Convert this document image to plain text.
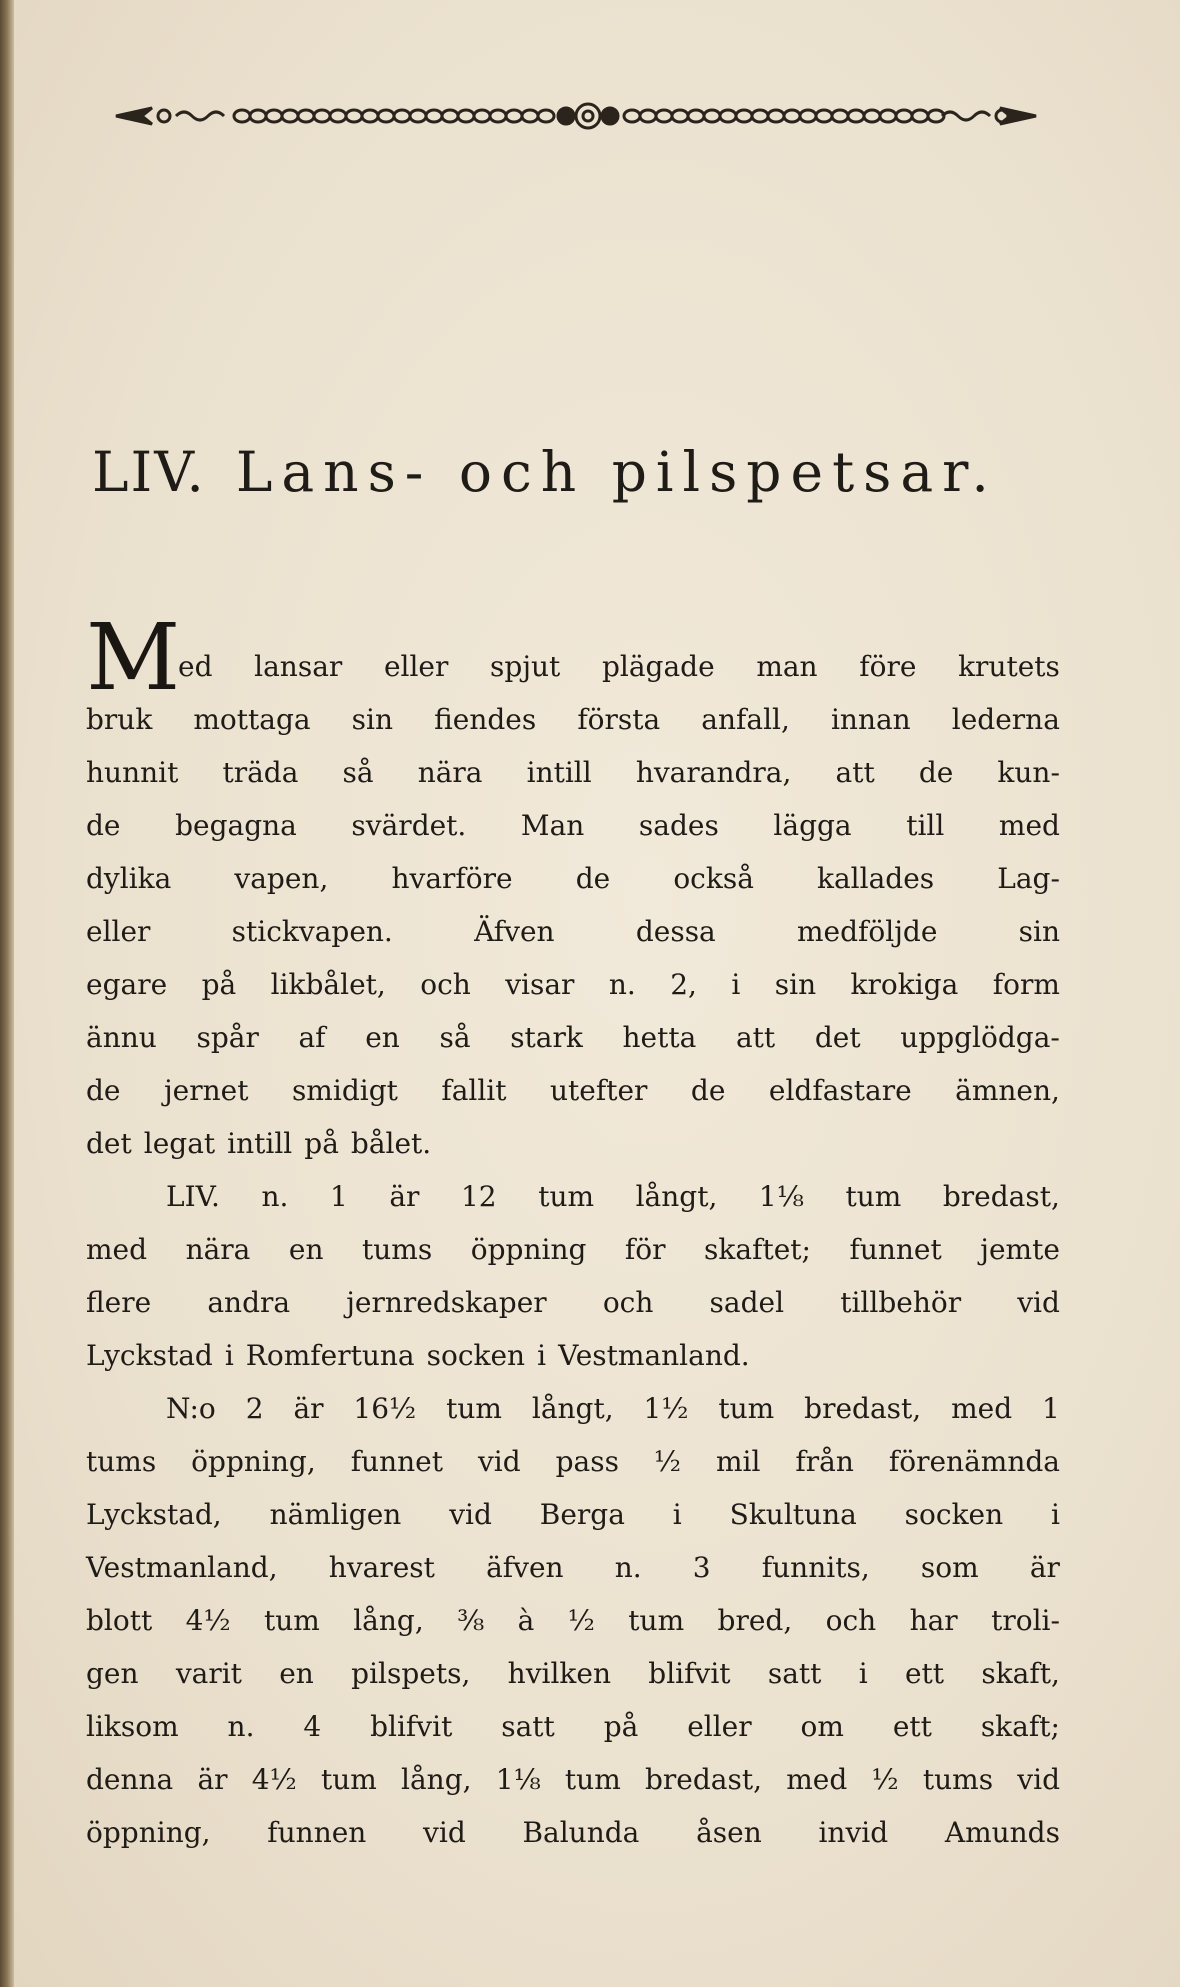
LIV. Lans- och pilspetsar.
M
ed lansar eller spjut plägade man före krutets
bruk mottaga sin fiendes första anfall, innan lederna
hunnit träda så nära intill hvarandra, att de kun-
de begagna svärdet. Man sades lägga till med
dylika vapen, hvarföre de också kallades Lag-
eller	stickvapen.	Äfven	dessa	medföljde	sin
egare på likbålet, och visar n. 2, i sin krokiga form
ännu spår af en så stark hetta att det uppglödga-
de jernet smidigt fallit utefter de eldfastare ämnen,
det legat intill på bålet.
LIV. n. 1 är 12 tum långt, 1⅛ tum bredast,
med nära en tums öppning för skaftet; funnet jemte
flere andra jernredskaper och sadel tillbehör vid
Lyckstad i Romfertuna socken i Vestmanland.
N:o 2 är 16½ tum långt, 1½ tum bredast, med 1
tums öppning, funnet vid pass ½ mil från förenämnda
Lyckstad, nämligen vid Berga i Skultuna socken i
Vestmanland, hvarest äfven n. 3 funnits, som är
blott 4½ tum lång, ⅜ à ½ tum bred, och har troli-
gen varit en pilspets, hvilken blifvit satt i ett skaft,
liksom n. 4 blifvit satt på eller om ett skaft;
denna är 4½ tum lång, 1⅛ tum bredast, med ½ tums vid
öppning, funnen vid Balunda åsen invid Amunds
